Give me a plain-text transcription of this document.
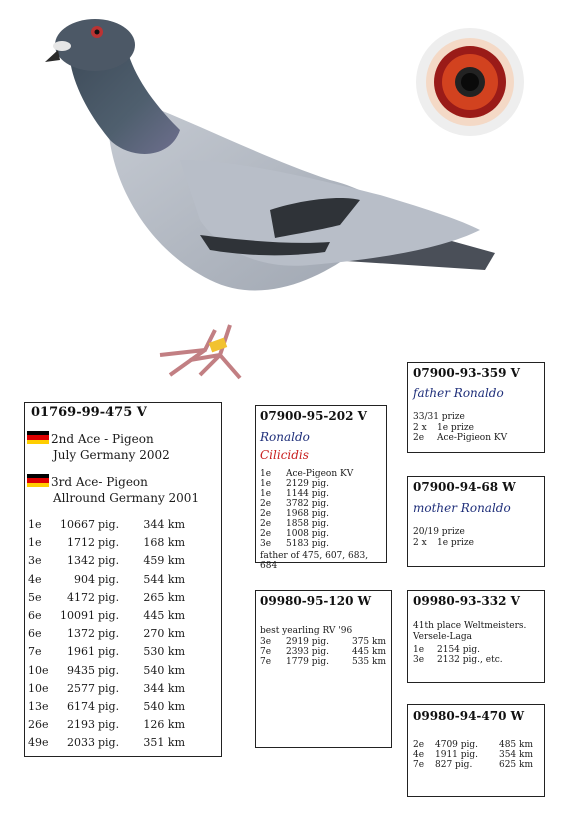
01769-99-475 V
2nd Ace - Pigeon
July Germany 2002
3rd Ace- Pigeon
Allround Germany 2001
1e	10667	pig.	344 km
1e	1712	pig.	168 km
3e	1342	pig.	459 km
4e	904	pig.	544 km
5e	4172	pig.	265 km
6e	10091	pig.	445 km
6e	1372	pig.	270 km
7e	1961	pig.	530 km
10e	9435	pig.	540 km
10e	2577	pig.	344 km
13e	6174	pig.	540 km
26e	2193	pig.	126 km
49e	2033	pig.	351 km
07900-95-202 V
Ronaldo
Cilicidis
1e	Ace-Pigeon KV
1e	2129 pig.
1e	1144 pig.
2e	3782 pig.
2e	1968 pig.
2e	1858 pig.
2e	1008 pig.
3e	5183 pig.
father of 475, 607, 683, 684
09980-95-120 W
best yearling RV '96
3e	2919 pig.	375 km
7e	2393 pig.	445 km
7e	1779 pig.	535 km
07900-93-359 V
father Ronaldo
33/31 prize
2 x	1e prize
2e	Ace-Pigieon KV
07900-94-68 W
mother Ronaldo
20/19 prize
2 x	1e prize
09980-93-332 V
41th place Weltmeisters.
Versele-Laga
1e	2154 pig.
3e	2132 pig., etc.
09980-94-470 W
2e	4709 pig.	485 km
4e	1911 pig.	354 km
7e	827 pig.	625 km
